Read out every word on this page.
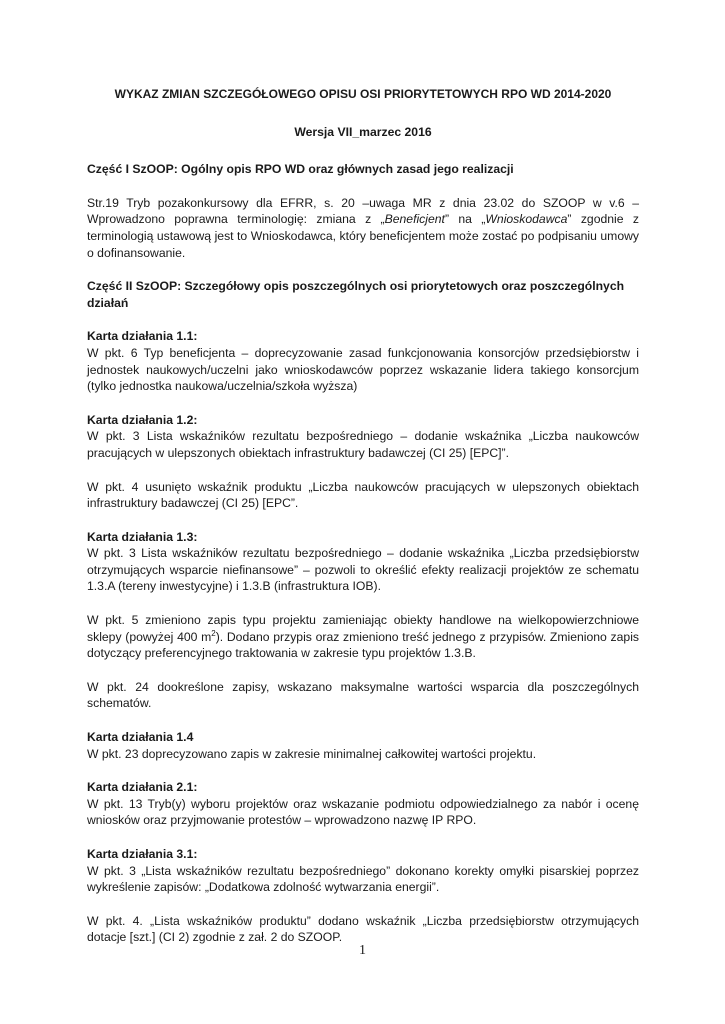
WYKAZ ZMIAN SZCZEGÓŁOWEGO OPISU OSI PRIORYTETOWYCH RPO WD 2014-2020

Wersja VII_marzec 2016

Część I SzOOP: Ogólny opis RPO WD oraz głównych zasad jego realizacji

Str.19 Tryb pozakonkursowy dla EFRR, s. 20 –uwaga MR z dnia 23.02 do SZOOP w v.6 – Wprowadzono poprawna terminologię: zmiana z „Beneficjent” na „Wnioskodawca” zgodnie z terminologią ustawową jest to Wnioskodawca, który beneficjentem może zostać po podpisaniu umowy o dofinansowanie.

Część II SzOOP: Szczegółowy opis poszczególnych osi priorytetowych oraz poszczególnych działań

Karta działania 1.1:

W pkt. 6 Typ beneficjenta – doprecyzowanie zasad funkcjonowania konsorcjów przedsiębiorstw i jednostek naukowych/uczelni jako wnioskodawców poprzez wskazanie lidera takiego konsorcjum (tylko jednostka naukowa/uczelnia/szkoła wyższa)

Karta działania 1.2:

W pkt. 3 Lista wskaźników rezultatu bezpośredniego – dodanie wskaźnika „Liczba naukowców pracujących w ulepszonych obiektach infrastruktury badawczej (CI 25) [EPC]”.

W pkt. 4 usunięto wskaźnik produktu „Liczba naukowców pracujących w ulepszonych obiektach infrastruktury badawczej (CI 25) [EPC”.

Karta działania 1.3:

W pkt. 3 Lista wskaźników rezultatu bezpośredniego – dodanie wskaźnika „Liczba przedsiębiorstw otrzymujących wsparcie niefinansowe” – pozwoli to określić efekty realizacji projektów ze schematu 1.3.A (tereny inwestycyjne) i 1.3.B (infrastruktura IOB).

W pkt. 5 zmieniono zapis typu projektu zamieniając obiekty handlowe na wielkopowierzchniowe sklepy (powyżej 400 $m^2$). Dodano przypis oraz zmieniono treść jednego z przypisów. Zmieniono zapis dotyczący preferencyjnego traktowania w zakresie typu projektów 1.3.B.

W pkt. 24 dookreślone zapisy, wskazano maksymalne wartości wsparcia dla poszczególnych schematów.

Karta działania 1.4

W pkt. 23 doprecyzowano zapis w zakresie minimalnej całkowitej wartości projektu.

Karta działania 2.1:

W pkt. 13 Tryb(y) wyboru projektów oraz wskazanie podmiotu odpowiedzialnego za nabór i ocenę wniosków oraz przyjmowanie protestów – wprowadzono nazwę IP RPO.

Karta działania 3.1:

W pkt. 3 „Lista wskaźników rezultatu bezpośredniego” dokonano korekty omyłki pisarskiej poprzez wykreślenie zapisów: „Dodatkowa zdolność wytwarzania energii”.

W pkt. 4. „Lista wskaźników produktu” dodano wskaźnik „Liczba przedsiębiorstw otrzymujących dotacje [szt.] (CI 2) zgodnie z zał. 2 do SZOOP.

1
